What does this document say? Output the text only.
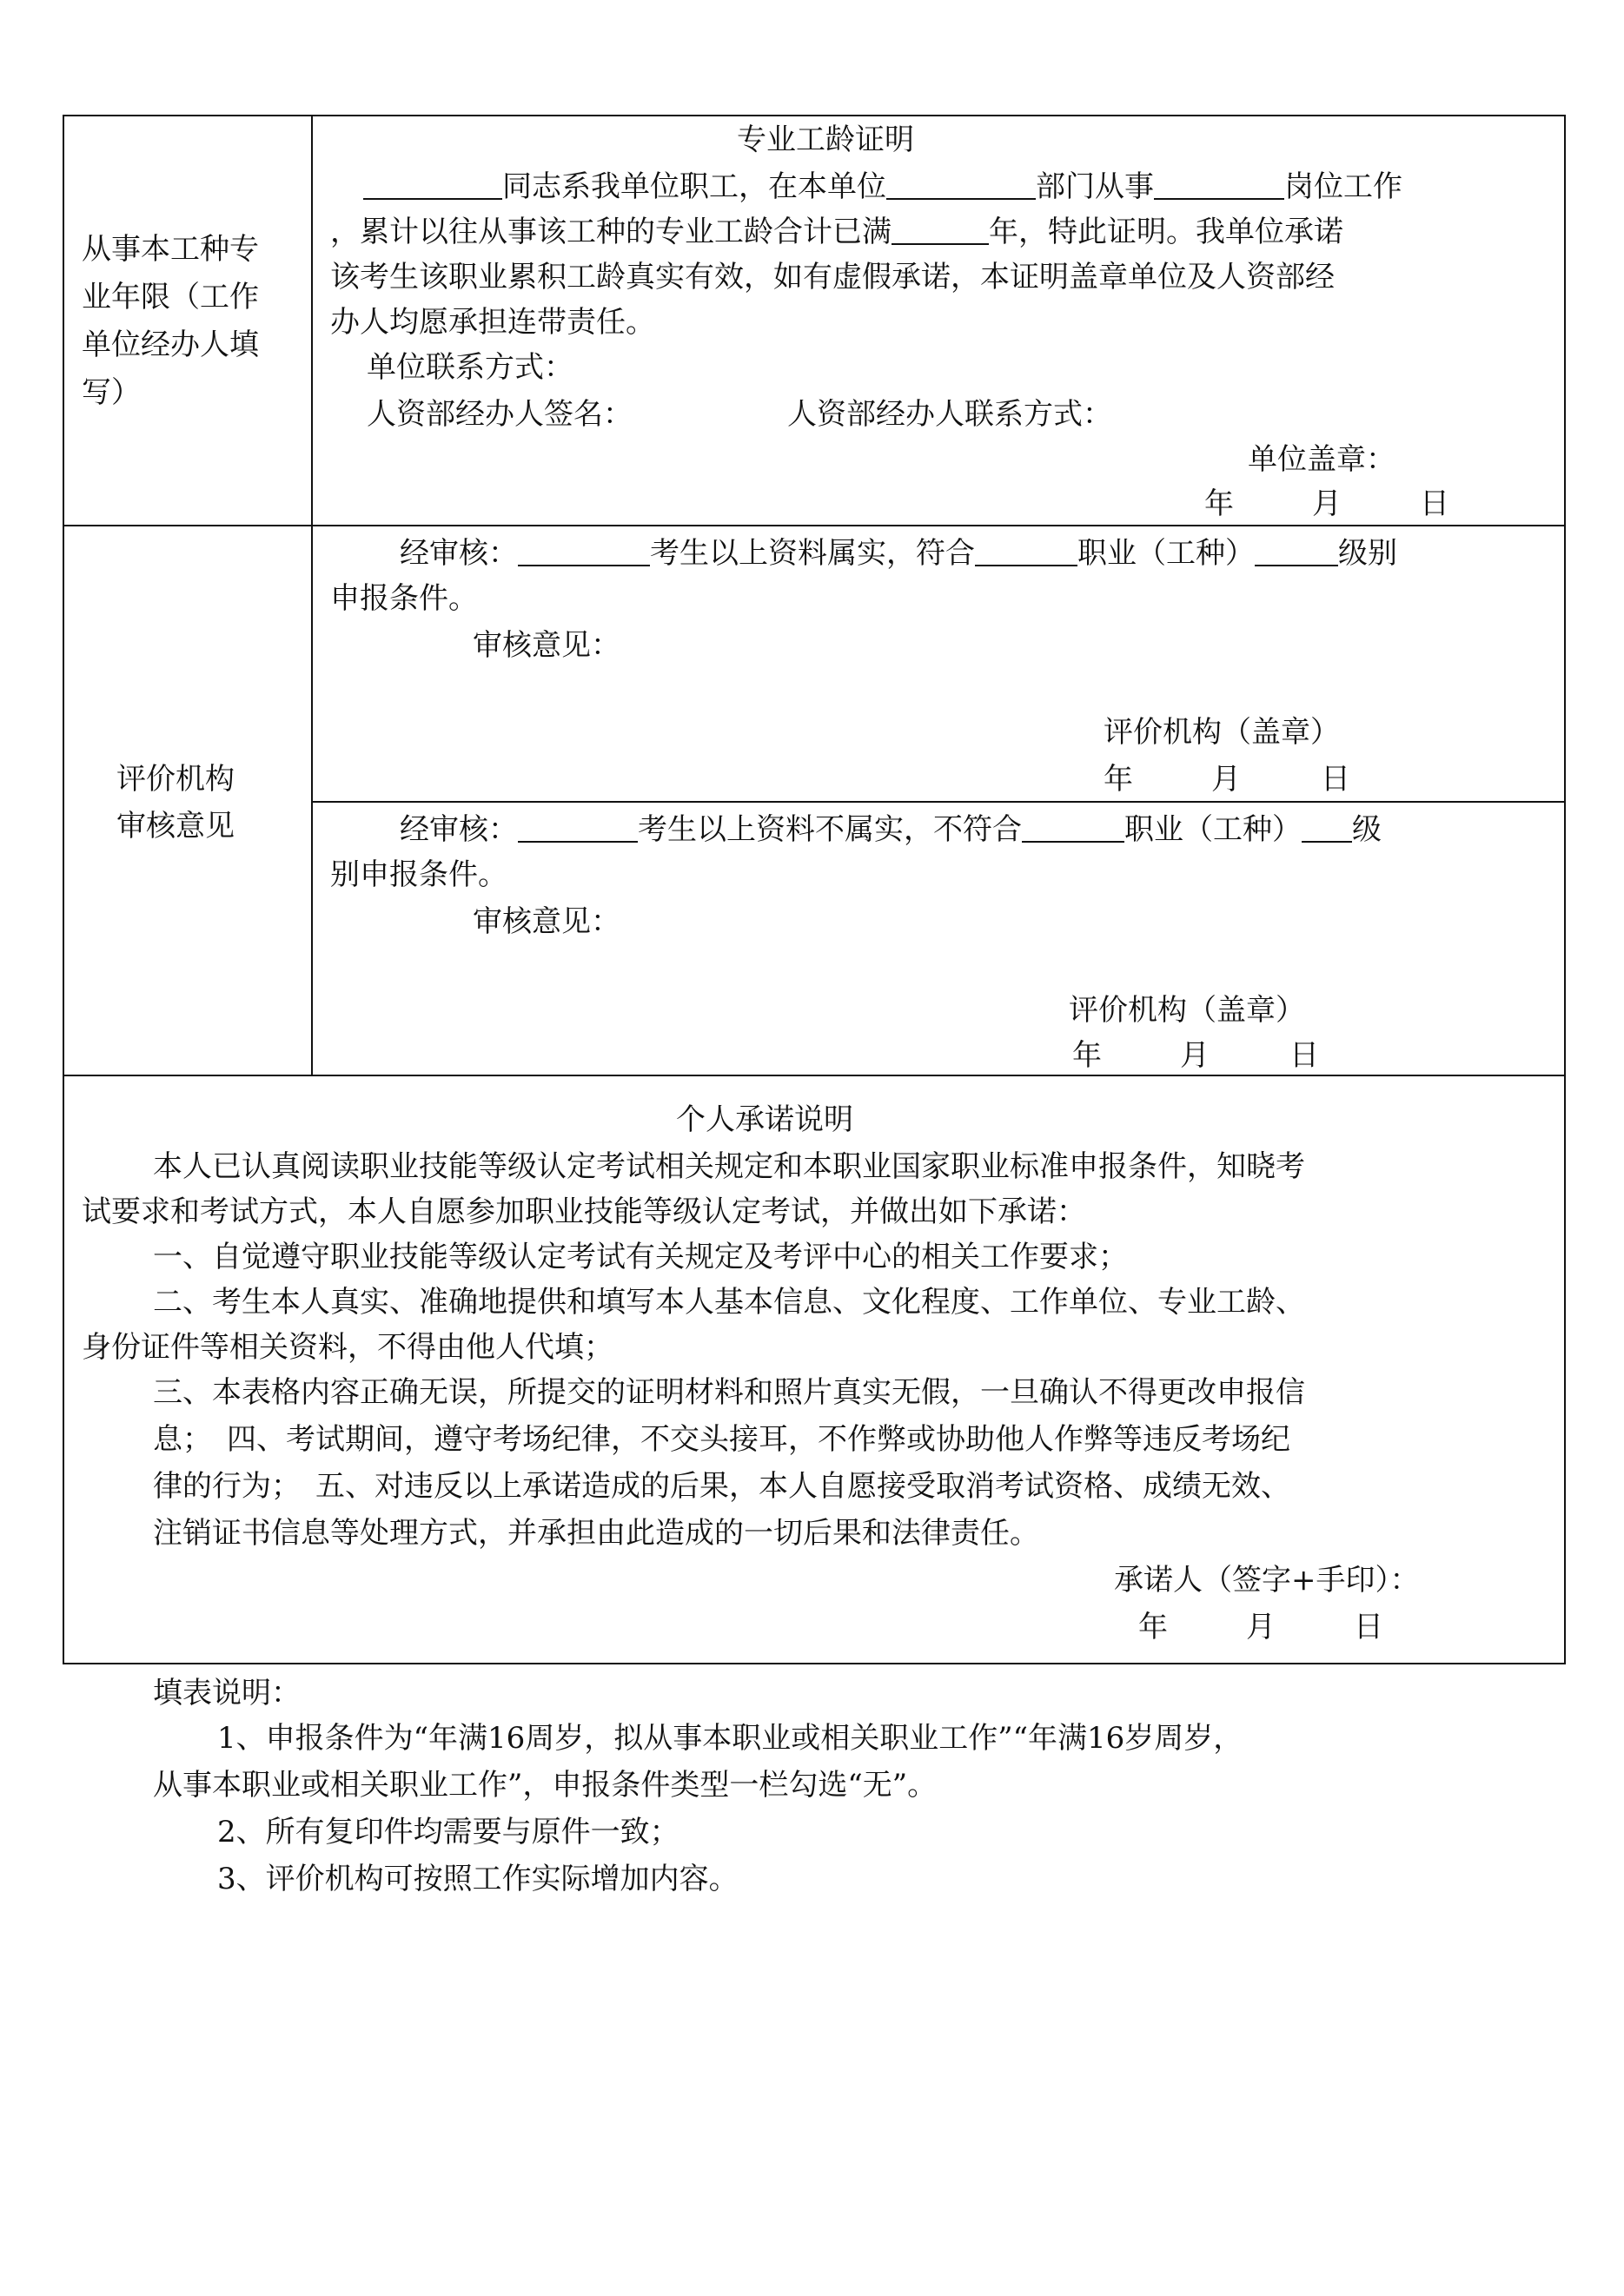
从事本工种专
业年限（工作
单位经办人填
写）
专业工龄证明
同志系我单位职工，在本单位	部门从事	岗位工作
，累计以往从事该工种的专业工龄合计已满	年，特此证明。我单位承诺
该考生该职业累积工龄真实有效，如有虚假承诺，本证明盖章单位及人资部经
办人均愿承担连带责任。
单位联系方式：
人资部经办人签名：	人资部经办人联系方式：
单位盖章：
年	月	日
评价机构
审核意见
经审核：	考生以上资料属实，符合	职业（工种）	级别
申报条件。
审核意见：
评价机构（盖章）
年	月	日
经审核：	考生以上资料不属实，不符合	职业（工种） 级
别申报条件。
审核意见：
评价机构（盖章）
年	月	日
个人承诺说明
本人已认真阅读职业技能等级认定考试相关规定和本职业国家职业标准申报条件，知晓考
试要求和考试方式，本人自愿参加职业技能等级认定考试，并做出如下承诺：
一、自觉遵守职业技能等级认定考试有关规定及考评中心的相关工作要求；
二、考生本人真实、准确地提供和填写本人基本信息、文化程度、工作单位、专业工龄、
身份证件等相关资料，不得由他人代填；
三、本表格内容正确无误，所提交的证明材料和照片真实无假，一旦确认不得更改申报信
息；　四、考试期间，遵守考场纪律，不交头接耳，不作弊或协助他人作弊等违反考场纪
律的行为；　五、对违反以上承诺造成的后果，本人自愿接受取消考试资格、成绩无效、
注销证书信息等处理方式，并承担由此造成的一切后果和法律责任。
承诺人（签字+手印）：
年	月	日
填表说明：
1、申报条件为“年满16周岁，拟从事本职业或相关职业工作”“年满16岁周岁，
从事本职业或相关职业工作”，申报条件类型一栏勾选“无”。
2、所有复印件均需要与原件一致；
3、评价机构可按照工作实际增加内容。
